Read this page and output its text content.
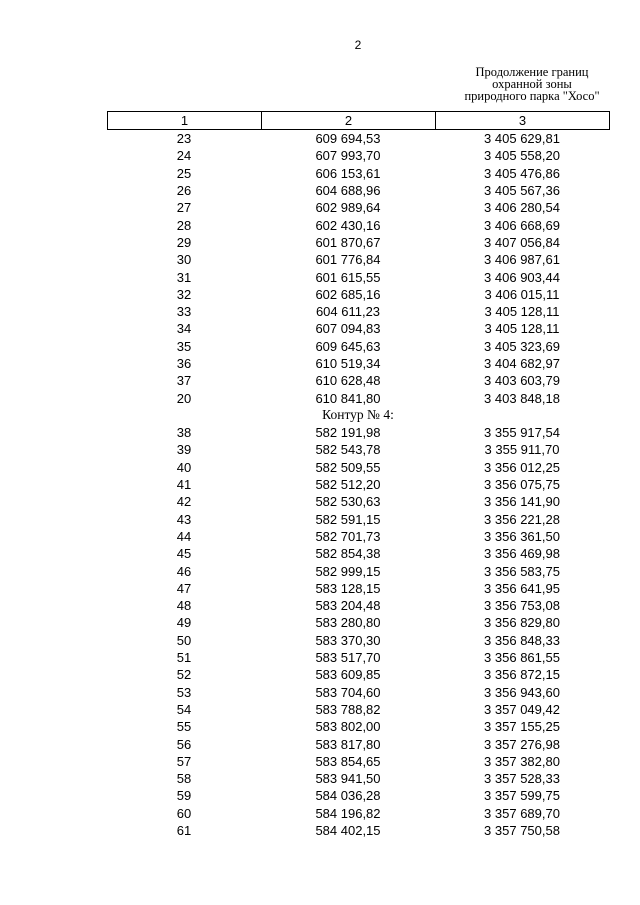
2
Продолжение границ
охранной зоны
природного парка "Хосо"
1	2	3
23	609 694,53	3 405 629,81
24	607 993,70	3 405 558,20
25	606 153,61	3 405 476,86
26	604 688,96	3 405 567,36
27	602 989,64	3 406 280,54
28	602 430,16	3 406 668,69
29	601 870,67	3 407 056,84
30	601 776,84	3 406 987,61
31	601 615,55	3 406 903,44
32	602 685,16	3 406 015,11
33	604 611,23	3 405 128,11
34	607 094,83	3 405 128,11
35	609 645,63	3 405 323,69
36	610 519,34	3 404 682,97
37	610 628,48	3 403 603,79
20	610 841,80	3 403 848,18
Контур № 4:
38	582 191,98	3 355 917,54
39	582 543,78	3 355 911,70
40	582 509,55	3 356 012,25
41	582 512,20	3 356 075,75
42	582 530,63	3 356 141,90
43	582 591,15	3 356 221,28
44	582 701,73	3 356 361,50
45	582 854,38	3 356 469,98
46	582 999,15	3 356 583,75
47	583 128,15	3 356 641,95
48	583 204,48	3 356 753,08
49	583 280,80	3 356 829,80
50	583 370,30	3 356 848,33
51	583 517,70	3 356 861,55
52	583 609,85	3 356 872,15
53	583 704,60	3 356 943,60
54	583 788,82	3 357 049,42
55	583 802,00	3 357 155,25
56	583 817,80	3 357 276,98
57	583 854,65	3 357 382,80
58	583 941,50	3 357 528,33
59	584 036,28	3 357 599,75
60	584 196,82	3 357 689,70
61	584 402,15	3 357 750,58
